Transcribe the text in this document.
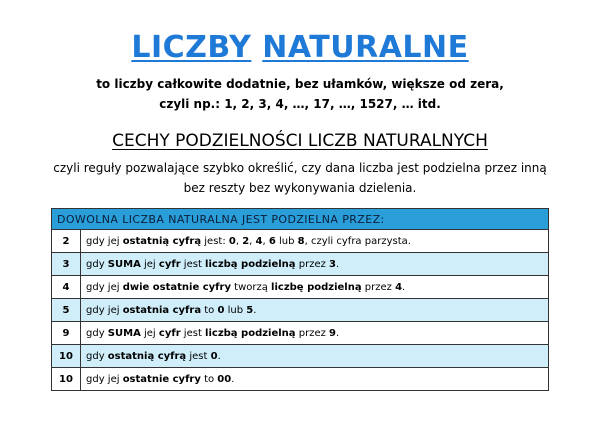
LICZBY NATURALNE
to liczby całkowite dodatnie, bez ułamków, większe od zera,
czyli np.: 1, 2, 3, 4, …, 17, …, 1527, … itd.
CECHY PODZIELNOŚCI LICZB NATURALNYCH
czyli reguły pozwalające szybko określić, czy dana liczba jest podzielna przez inną
bez reszty bez wykonywania dzielenia.
DOWOLNA LICZBA NATURALNA JEST PODZIELNA PRZEZ:	
2	gdy jej ostatnią cyfrą jest: 0, 2, 4, 6 lub 8, czyli cyfra parzysta.
3	gdy SUMA jej cyfr jest liczbą podzielną przez 3.
4	gdy jej dwie ostatnie cyfry tworzą liczbę podzielną przez 4.
5	gdy jej ostatnia cyfra to 0 lub 5.
9	gdy SUMA jej cyfr jest liczbą podzielną przez 9.
10	gdy ostatnią cyfrą jest 0.
10	gdy jej ostatnie cyfry to 00.
